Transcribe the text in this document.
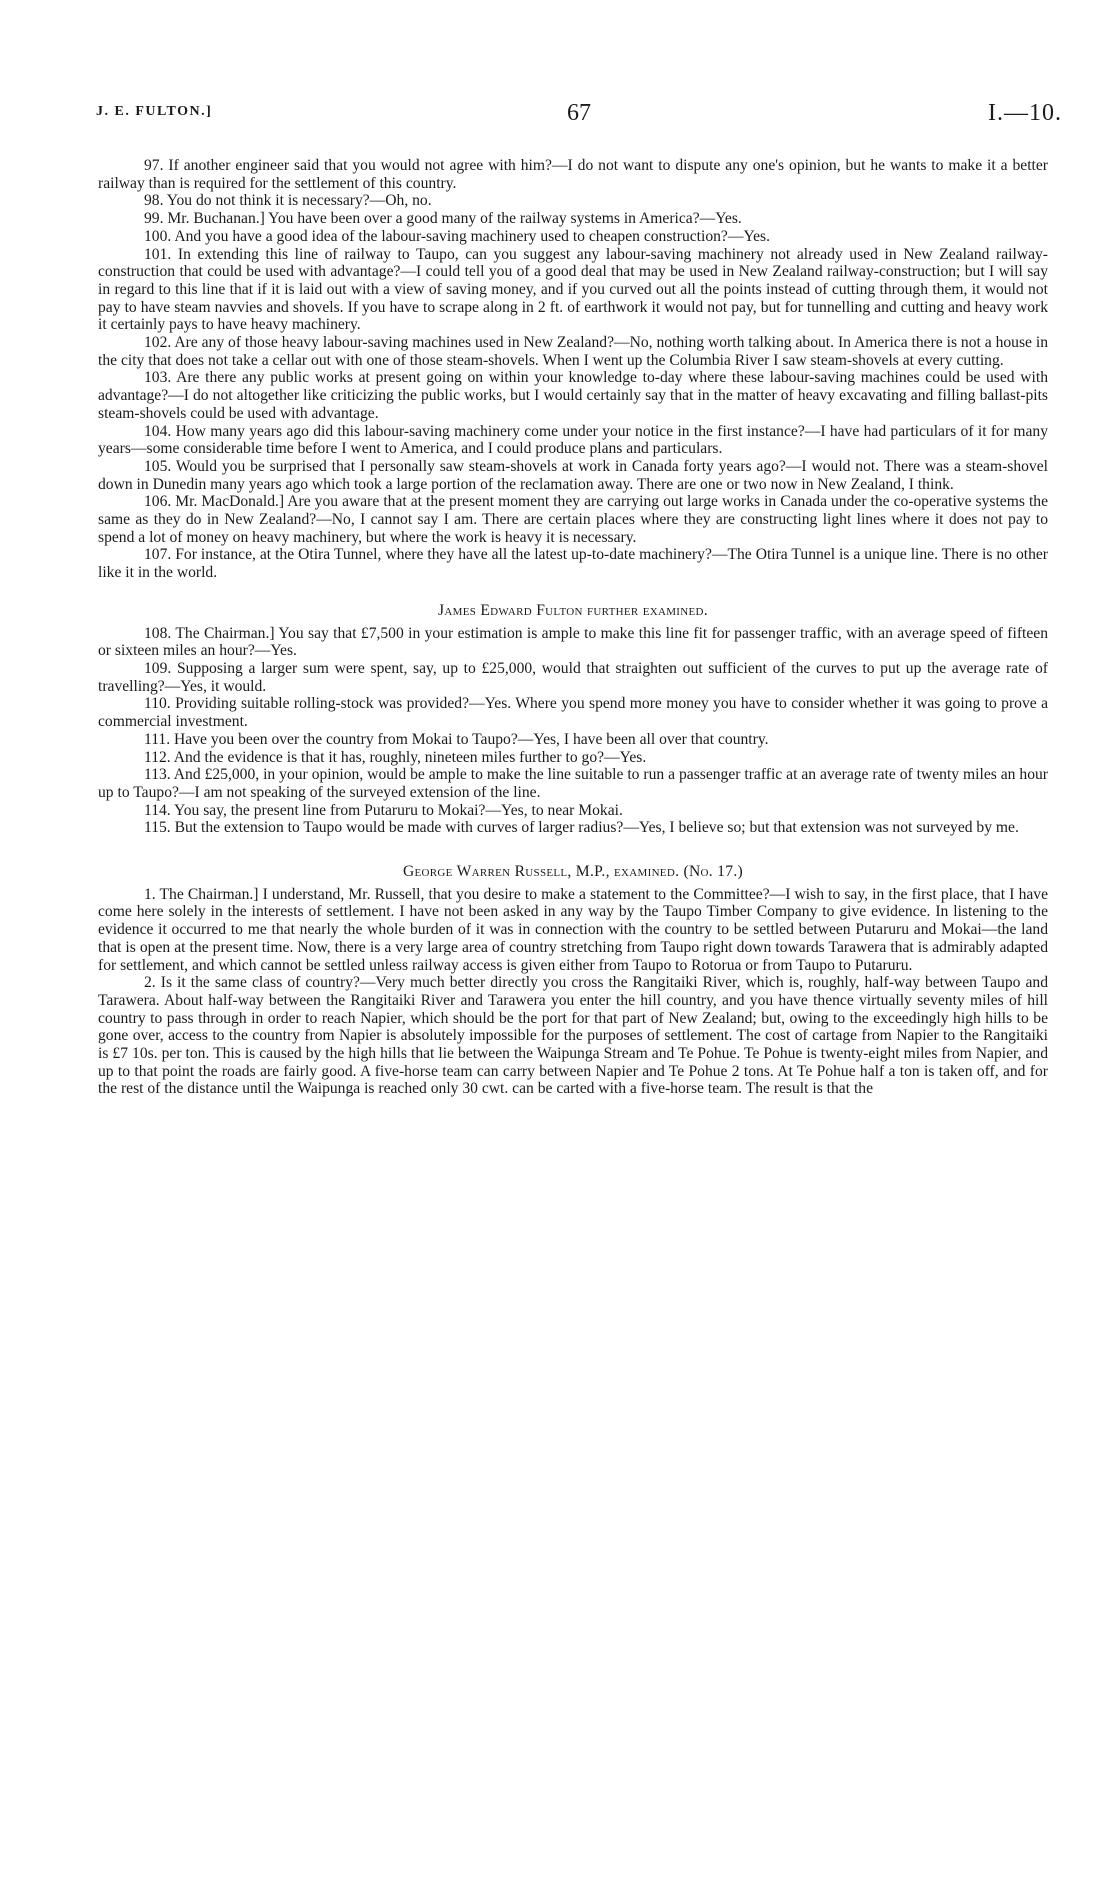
J. E. FULTON.]	67	I.—10.

97. If another engineer said that you would not agree with him?—I do not want to dispute any one's opinion, but he wants to make it a better railway than is required for the settlement of this country.

98. You do not think it is necessary?—Oh, no.

99. Mr. Buchanan.] You have been over a good many of the railway systems in America?—Yes.

100. And you have a good idea of the labour-saving machinery used to cheapen construction?—Yes.

101. In extending this line of railway to Taupo, can you suggest any labour-saving machinery not already used in New Zealand railway-construction that could be used with advantage?—I could tell you of a good deal that may be used in New Zealand railway-construction; but I will say in regard to this line that if it is laid out with a view of saving money, and if you curved out all the points instead of cutting through them, it would not pay to have steam navvies and shovels. If you have to scrape along in 2 ft. of earthwork it would not pay, but for tunnelling and cutting and heavy work it certainly pays to have heavy machinery.

102. Are any of those heavy labour-saving machines used in New Zealand?—No, nothing worth talking about. In America there is not a house in the city that does not take a cellar out with one of those steam-shovels. When I went up the Columbia River I saw steam-shovels at every cutting.

103. Are there any public works at present going on within your knowledge to-day where these labour-saving machines could be used with advantage?—I do not altogether like criticizing the public works, but I would certainly say that in the matter of heavy excavating and filling ballast-pits steam-shovels could be used with advantage.

104. How many years ago did this labour-saving machinery come under your notice in the first instance?—I have had particulars of it for many years—some considerable time before I went to America, and I could produce plans and particulars.

105. Would you be surprised that I personally saw steam-shovels at work in Canada forty years ago?—I would not. There was a steam-shovel down in Dunedin many years ago which took a large portion of the reclamation away. There are one or two now in New Zealand, I think.

106. Mr. MacDonald.] Are you aware that at the present moment they are carrying out large works in Canada under the co-operative systems the same as they do in New Zealand?—No, I cannot say I am. There are certain places where they are constructing light lines where it does not pay to spend a lot of money on heavy machinery, but where the work is heavy it is necessary.

107. For instance, at the Otira Tunnel, where they have all the latest up-to-date machinery?—The Otira Tunnel is a unique line. There is no other like it in the world.

James Edward Fulton further examined.

108. The Chairman.] You say that £7,500 in your estimation is ample to make this line fit for passenger traffic, with an average speed of fifteen or sixteen miles an hour?—Yes.

109. Supposing a larger sum were spent, say, up to £25,000, would that straighten out sufficient of the curves to put up the average rate of travelling?—Yes, it would.

110. Providing suitable rolling-stock was provided?—Yes. Where you spend more money you have to consider whether it was going to prove a commercial investment.

111. Have you been over the country from Mokai to Taupo?—Yes, I have been all over that country.

112. And the evidence is that it has, roughly, nineteen miles further to go?—Yes.

113. And £25,000, in your opinion, would be ample to make the line suitable to run a passenger traffic at an average rate of twenty miles an hour up to Taupo?—I am not speaking of the surveyed extension of the line.

114. You say, the present line from Putaruru to Mokai?—Yes, to near Mokai.

115. But the extension to Taupo would be made with curves of larger radius?—Yes, I believe so; but that extension was not surveyed by me.

George Warren Russell, M.P., examined. (No. 17.)

1. The Chairman.] I understand, Mr. Russell, that you desire to make a statement to the Committee?—I wish to say, in the first place, that I have come here solely in the interests of settlement. I have not been asked in any way by the Taupo Timber Company to give evidence. In listening to the evidence it occurred to me that nearly the whole burden of it was in connection with the country to be settled between Putaruru and Mokai—the land that is open at the present time. Now, there is a very large area of country stretching from Taupo right down towards Tarawera that is admirably adapted for settlement, and which cannot be settled unless railway access is given either from Taupo to Rotorua or from Taupo to Putaruru.

2. Is it the same class of country?—Very much better directly you cross the Rangitaiki River, which is, roughly, half-way between Taupo and Tarawera. About half-way between the Rangitaiki River and Tarawera you enter the hill country, and you have thence virtually seventy miles of hill country to pass through in order to reach Napier, which should be the port for that part of New Zealand; but, owing to the exceedingly high hills to be gone over, access to the country from Napier is absolutely impossible for the purposes of settlement. The cost of cartage from Napier to the Rangitaiki is £7 10s. per ton. This is caused by the high hills that lie between the Waipunga Stream and Te Pohue. Te Pohue is twenty-eight miles from Napier, and up to that point the roads are fairly good. A five-horse team can carry between Napier and Te Pohue 2 tons. At Te Pohue half a ton is taken off, and for the rest of the distance until the Waipunga is reached only 30 cwt. can be carted with a five-horse team. The result is that the
